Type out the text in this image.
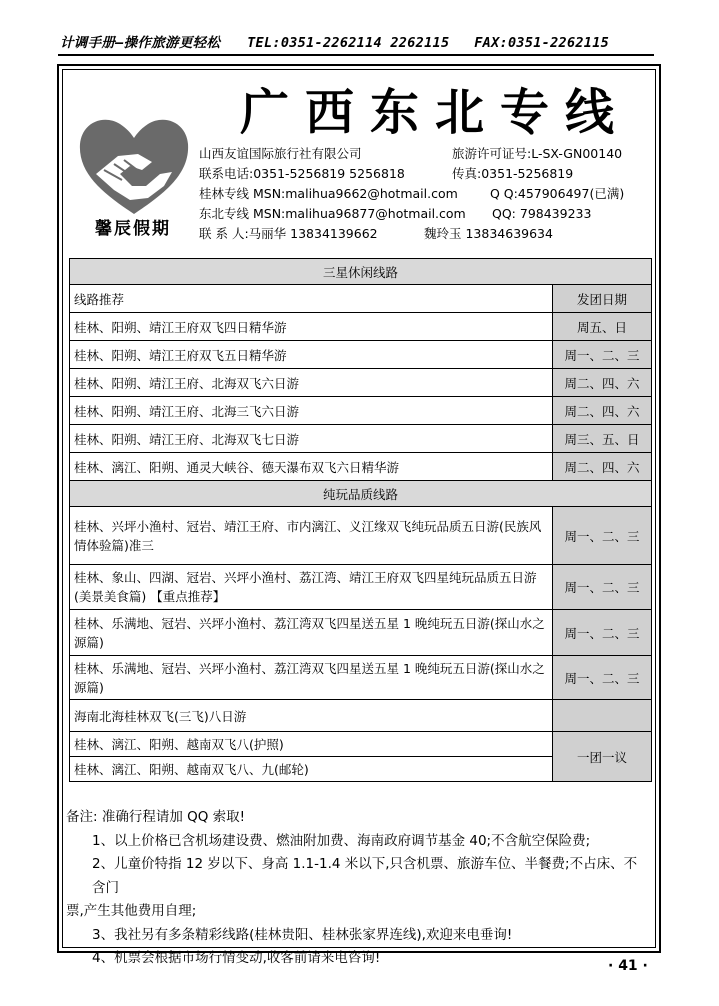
计调手册—操作旅游更轻松 TEL:0351-2262114 2262115 FAX:0351-2262115
馨辰假期
广西东北专线
山西友谊国际旅行社有限公司	旅游许可证号:L-SX-GN00140
联系电话:0351-5256819 5256818	传真:0351-5256819
桂林专线 MSN:malihua9662@hotmail.com	Q Q:457906497(已满)
东北专线 MSN:malihua96877@hotmail.com QQ: 798439233
联 系 人:马丽华 13834139662	魏玲玉 13834639634
三星休闲线路	
线路推荐	发团日期
桂林、阳朔、靖江王府双飞四日精华游	周五、日
桂林、阳朔、靖江王府双飞五日精华游	周一、二、三
桂林、阳朔、靖江王府、北海双飞六日游	周二、四、六
桂林、阳朔、靖江王府、北海三飞六日游	周二、四、六
桂林、阳朔、靖江王府、北海双飞七日游	周三、五、日
桂林、漓江、阳朔、通灵大峡谷、德天瀑布双飞六日精华游	周二、四、六
纯玩品质线路	
桂林、兴坪小渔村、冠岩、靖江王府、市内漓江、义江缘双飞纯玩品质五日游(民族风情体验篇)准三	周一、二、三
桂林、象山、四湖、冠岩、兴坪小渔村、荔江湾、靖江王府双飞四星纯玩品质五日游(美景美食篇) 【重点推荐】	周一、二、三
桂林、乐满地、冠岩、兴坪小渔村、荔江湾双飞四星送五星 1 晚纯玩五日游(探山水之源篇)	周一、二、三
桂林、乐满地、冠岩、兴坪小渔村、荔江湾双飞四星送五星 1 晚纯玩五日游(探山水之源篇)	周一、二、三
海南北海桂林双飞(三飞)八日游	
桂林、漓江、阳朔、越南双飞八(护照)	一团一议
桂林、漓江、阳朔、越南双飞八、九(邮轮)	

备注: 准确行程请加 QQ 索取!

1、以上价格已含机场建设费、燃油附加费、海南政府调节基金 40;不含航空保险费;

2、儿童价特指 12 岁以下、身高 1.1-1.4 米以下,只含机票、旅游车位、半餐费;不占床、不含门

票,产生其他费用自理;

3、我社另有多条精彩线路(桂林贵阳、桂林张家界连线),欢迎来电垂询!

4、机票会根据市场行情变动,收客前请来电咨询!	· 41 ·
